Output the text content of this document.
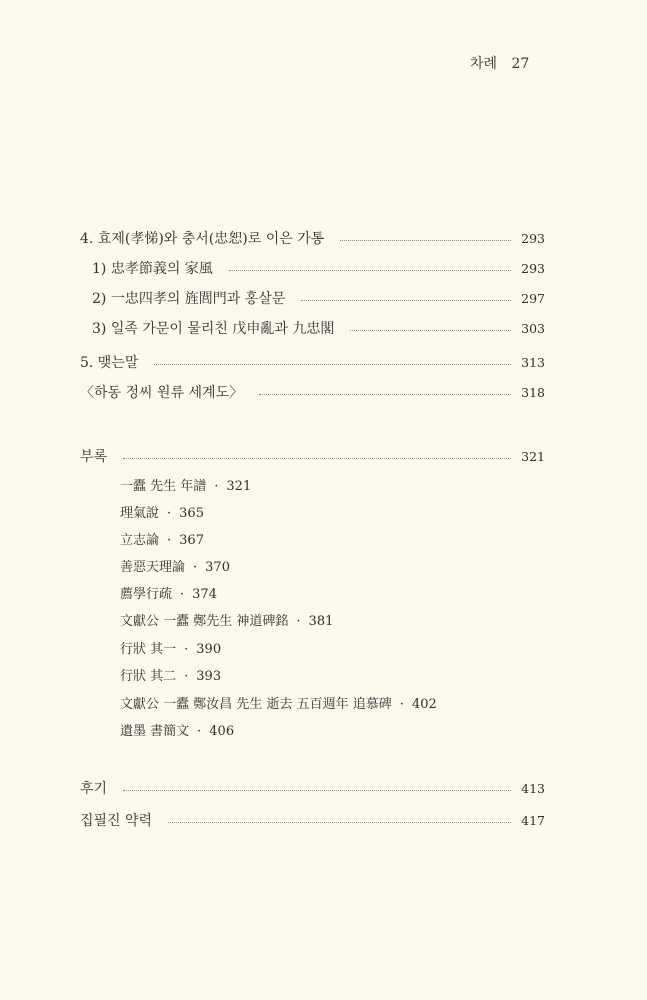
차례 27
4. 효제(孝悌)와 충서(忠恕)로 이은 가통	293
1) 忠孝節義의 家風	293
2) 一忠四孝의 旌閭門과 홍살문	297
3) 일족 가문이 물리친 戊申亂과 九忠閣	303
5. 맺는말	313
〈하동 정씨 원류 세계도〉	318
부록	321
一蠹 先生 年譜 · 321
理氣說 · 365
立志論 · 367
善惡天理論 · 370
薦學行疏 · 374
文獻公 一蠹 鄭先生 神道碑銘 · 381
行狀 其一 · 390
行狀 其二 · 393
文獻公 一蠹 鄭汝昌 先生 逝去 五百週年 追慕碑 · 402
遺墨 書簡文 · 406
후기	413
집필진 약력	417
